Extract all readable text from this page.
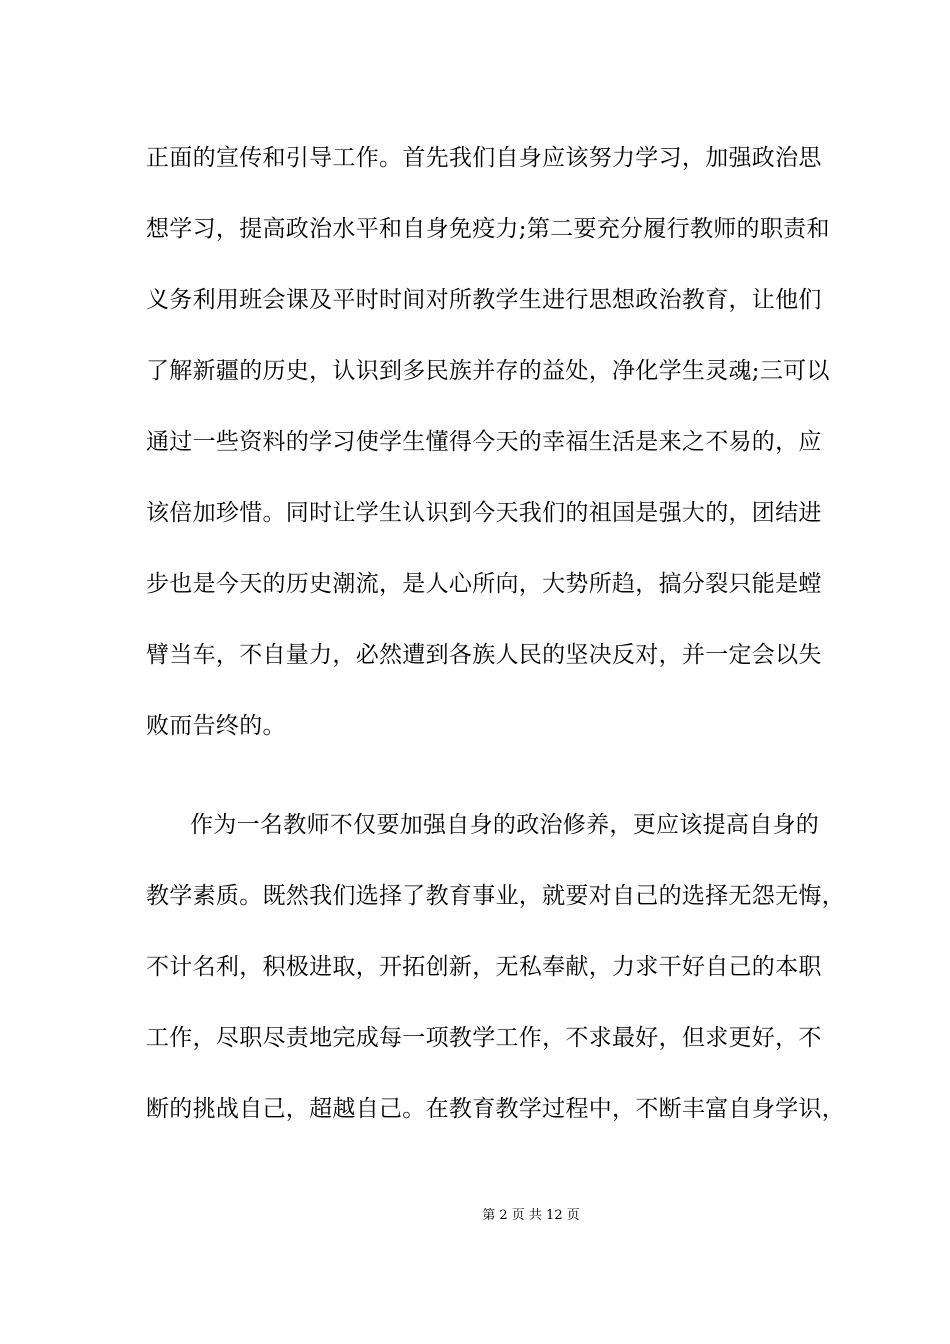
正面的宣传和引导工作。首先我们自身应该努力学习，加强政治思
想学习，提高政治水平和自身免疫力;第二要充分履行教师的职责和
义务利用班会课及平时时间对所教学生进行思想政治教育，让他们
了解新疆的历史，认识到多民族并存的益处，净化学生灵魂;三可以
通过一些资料的学习使学生懂得今天的幸福生活是来之不易的，应
该倍加珍惜。同时让学生认识到今天我们的祖国是强大的，团结进
步也是今天的历史潮流，是人心所向，大势所趋，搞分裂只能是螳
臂当车，不自量力，必然遭到各族人民的坚决反对，并一定会以失
败而告终的。
作为一名教师不仅要加强自身的政治修养，更应该提高自身的
教学素质。既然我们选择了教育事业，就要对自己的选择无怨无悔，
不计名利，积极进取，开拓创新，无私奉献，力求干好自己的本职
工作，尽职尽责地完成每一项教学工作，不求最好，但求更好，不
断的挑战自己，超越自己。在教育教学过程中，不断丰富自身学识，
第 2 页 共 12 页
